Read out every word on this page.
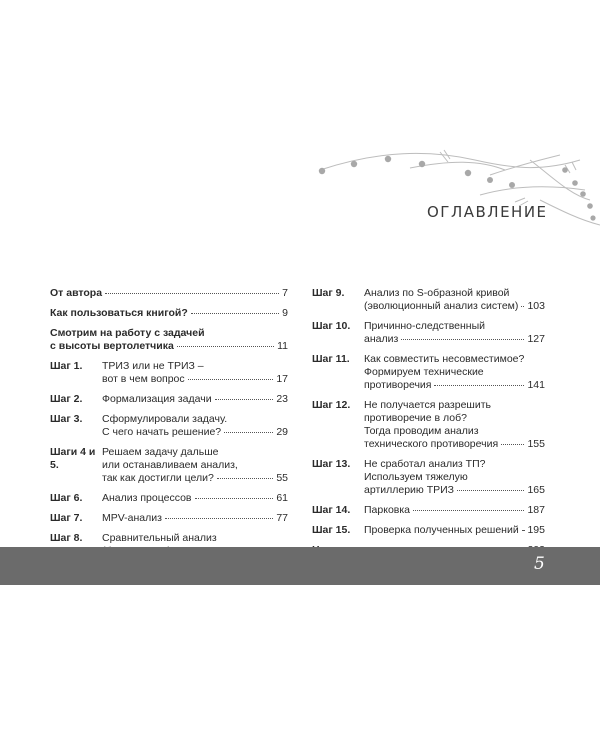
ОГЛАВЛЕНИЕ
От автора	7
Как пользоваться книгой?	9
Смотрим на работу с задачей
с высоты вертолетчика	11
Шаг 1.	ТРИЗ или не ТРИЗ –
вот в чем вопрос	17
Шаг 2.	Формализация задачи	23
Шаг 3.	Сформулировали задачу.
С чего начать решение?	29
Шаги 4 и 5.
Решаем задачу дальше
или останавливаем анализ,
так как достигли цели?	55
Шаг 6.	Анализ процессов	61
Шаг 7.	MPV-анализ	77
Шаг 8.	Сравнительный анализ
Шаг 9.	Анализ по S-образной кривой
(эволюционный анализ систем) 103
Шаг 10.	Причинно-следственный
анализ	127
Шаг 11.	Как совместить несовместимое?
Формируем технические
противоречия	141
Шаг 12.	Не получается разрешить
противоречие в лоб?
Тогда проводим анализ
технического противоречия	155
Шаг 13.	Не сработал анализ ТП?
Используем тяжелую
артиллерию ТРИЗ	165
Шаг 14.	Парковка	187
Шаг 15.	Проверка полученных решений 195
5
